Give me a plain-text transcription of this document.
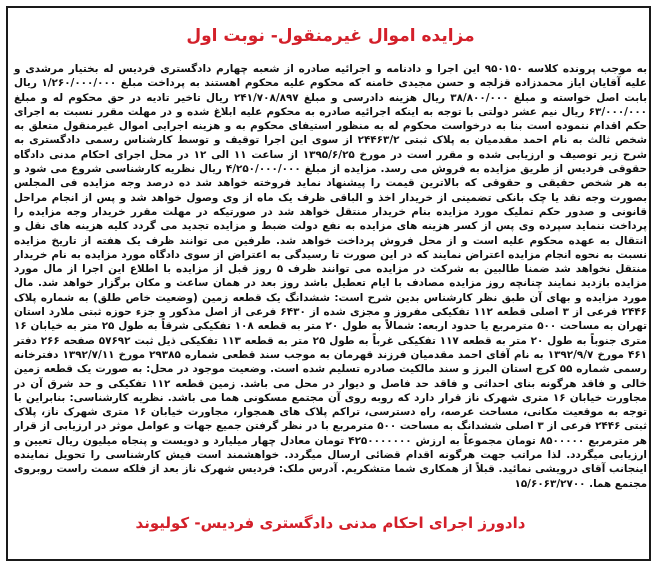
مزایده اموال غیرمنقول- نوبت اول

به موجب پرونده کلاسه ۹۵۰۱۵۰ این اجرا و دادنامه و اجرائیه صادره از شعبه چهارم دادگستری فردیس له بختیار مرشدی و علیه آقایان ایاز محمدزاده قزلجه و حسن مجیدی خامنه که محکوم علیه محکوم اهستند به پرداخت مبلغ ۱/۲۶۰/۰۰۰/۰۰۰ ریال بابت اصل خواسته و مبلغ ۳۸/۸۰۰/۰۰۰ ریال هزینه دادرسی و مبلغ ۲۴۱/۷۰۸/۸۹۷ ریال تاخیر تادیه در حق محکوم له و مبلغ ۶۳/۰۰۰/۰۰۰ ریال نیم عشر دولتی با توجه به اینکه اجرائیه صادره به محکوم علیه ابلاغ شده و در مهلت مقرر نسبت به اجرای حکم اقدام ننموده است بنا به درخواست محکوم له به منظور استیفای محکوم به و هزینه اجرایی اموال غیرمنقول متعلق به شخص ثالث به نام احمد مقدمیان به پلاک ثبتی ۲۴۴۶۳/۲ از سوی این اجرا توقیف و توسط کارشناس رسمی دادگستری به شرح زیر توصیف و ارزیابی شده و مقرر است در مورخ ۱۳۹۵/۶/۲۵ از ساعت ۱۱ الی ۱۲ در محل اجرای احکام مدنی دادگاه حقوقی فردیس از طریق مزایده به فروش می رسد. مزایده از مبلغ ۴/۲۵۰/۰۰۰/۰۰۰ ریال نظریه کارشناسی شروع می شود و به هر شخص حقیقی و حقوقی که بالاترین قیمت را پیشنهاد نماید فروخته خواهد شد ده درصد وجه مزایده فی المجلس بصورت وجه نقد یا چک بانکی تضمینی از خریدار اخذ و الباقی ظرف یک ماه از وی وصول خواهد شد و پس از انجام مراحل قانونی و صدور حکم تملیک مورد مزایده بنام خریدار منتقل خواهد شد در صورتیکه در مهلت مقرر خریدار وجه مزایده را پرداخت ننماید سپرده وی پس از کسر هزینه های مزایده به نفع دولت ضبط و مزایده تجدید می گردد کلیه هزینه های نقل و انتقال به عهده محکوم علیه است و از محل فروش پرداخت خواهد شد. طرفین می توانند ظرف یک هفته از تاریخ مزایده نسبت به نحوه انجام مزایده اعتراض نمایند که در این صورت تا رسیدگی به اعتراض از سوی دادگاه مورد مزایده به نام خریدار منتقل نخواهد شد ضمنا طالبین به شرکت در مزایده می توانند ظرف ۵ روز قبل از مزایده با اطلاع این اجرا از مال مورد مزایده بازدید نمایند چنانچه روز مزایده مصادف با ایام تعطیل باشد روز بعد در همان ساعت و مکان برگزار خواهد شد. مال مورد مزایده و بهای آن طبق نظر کارشناس بدین شرح است: ششدانگ یک قطعه زمین (وضعیت خاص طلق) به شماره پلاک ۲۴۴۶ فرعی از ۳ اصلی قطعه ۱۱۲ تفکیکی مفروز و مجزی شده از ۶۴۳۰ فرعی از اصل مذکور و جزء حوزه ثبتی ملارد استان تهران به مساحت ۵۰۰ مترمربع یا حدود اربعه: شمالاً به طول ۲۰ متر به قطعه ۱۰۸ تفکیکی شرقاً به طول ۲۵ متر به خیابان ۱۶ متری جنوباً به طول ۲۰ متر به قطعه ۱۱۷ تفکیکی غرباً به طول ۲۵ متر به قطعه ۱۱۳ تفکیکی ذیل ثبت ۵۷۶۹۲ صفحه ۲۶۶ دفتر ۴۶۱ مورخ ۱۳۹۲/۹/۷ به نام آقای احمد مقدمیان فرزند قهرمان به موجب سند قطعی شماره ۲۹۳۸۵ مورخ ۱۳۹۲/۷/۱۱ دفترخانه رسمی شماره ۵۵ کرج استان البرز و سند مالکیت صادره تسلیم شده است. وضعیت موجود در محل: به صورت یک قطعه زمین خالی و فاقد هرگونه بنای احداثی و فاقد حد فاصل و دیوار در محل می باشد. زمین قطعه ۱۱۲ تفکیکی و حد شرق آن در مجاورت خیابان ۱۶ متری شهرک ناز قرار دارد که روبه روی آن مجتمع مسکونی هما می باشد. نظریه کارشناسی: بنابراین با توجه به موقعیت مکانی، مساحت عرصه، راه دسترسی، تراکم پلاک های همجوار، مجاورت خیابان ۱۶ متری شهرک ناز، پلاک ثبتی ۲۴۴۶ فرعی از ۳ اصلی ششدانگ به مساحت ۵۰۰ مترمربع با در نظر گرفتن جمیع جهات و عوامل موثر در ارزیابی از قرار هر مترمربع ۸۵۰۰۰۰۰ تومان مجموعاً به ارزش ۴۲۵۰۰۰۰۰۰۰ تومان معادل چهار میلیارد و دویست و پنجاه میلیون ریال تعیین و ارزیابی میگردد. لذا مراتب جهت هرگونه اقدام قضائی ارسال میگردد. خواهشمند است فیش کارشناسی را تحویل نماینده اینجانب آقای درویشی نمائید. قبلاً از همکاری شما متشکریم. آدرس ملک: فردیس شهرک ناز بعد از فلکه سمت راست روبروی مجتمع هما. ۱۵/۶۰۶۳/۲۷۰۰

دادورز اجرای احکام مدنی دادگستری فردیس- کولیوند
